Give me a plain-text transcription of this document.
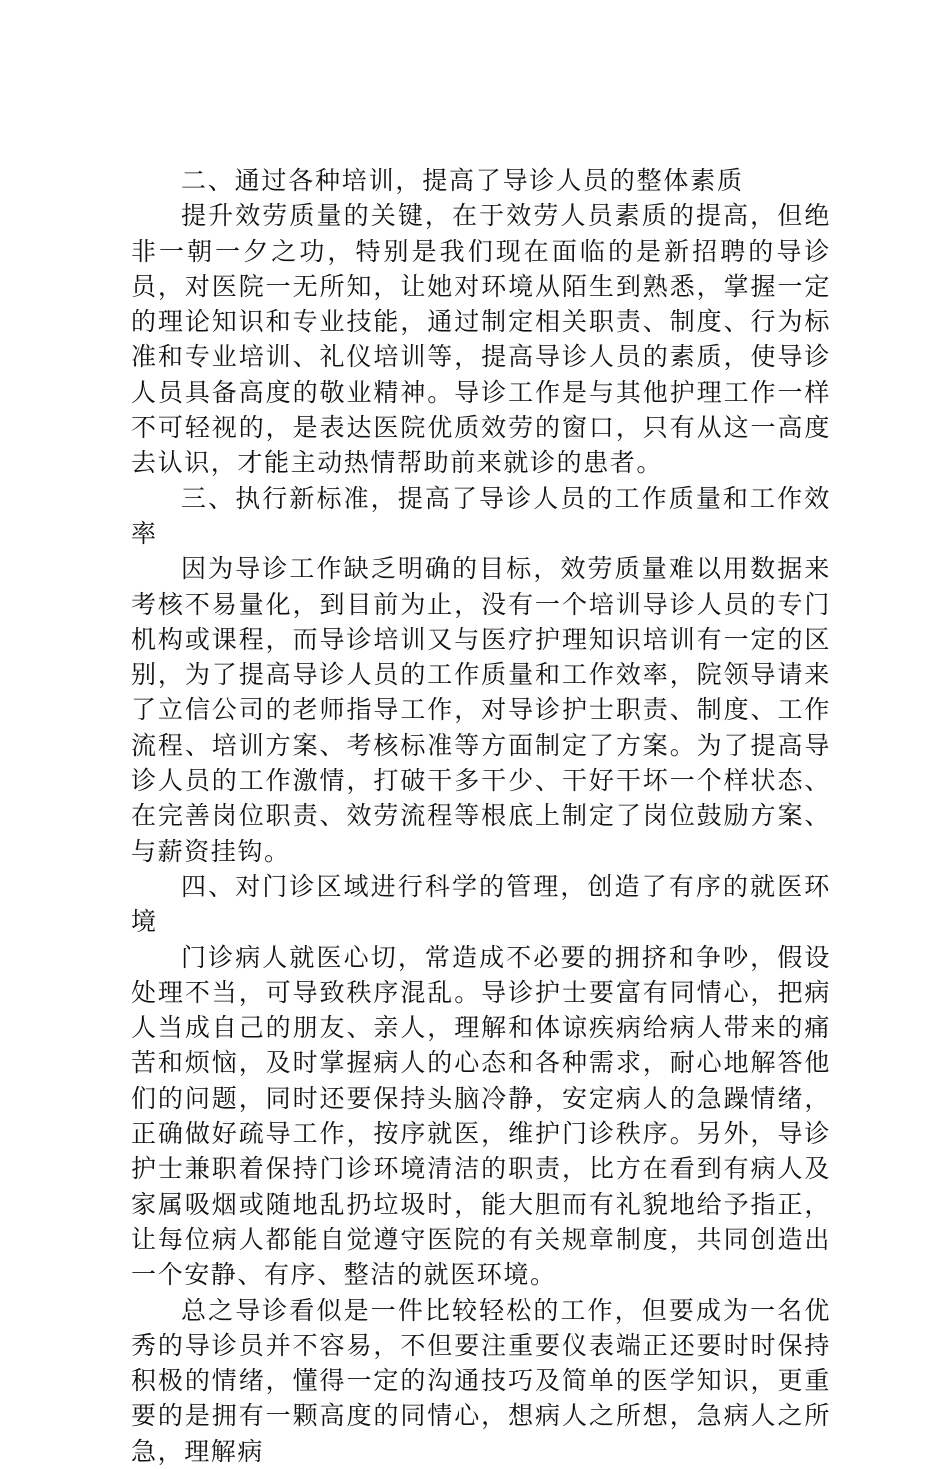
二、通过各种培训，提高了导诊人员的整体素质

提升效劳质量的关键，在于效劳人员素质的提高，但绝非一朝一夕之功，特别是我们现在面临的是新招聘的导诊员，对医院一无所知，让她对环境从陌生到熟悉，掌握一定的理论知识和专业技能，通过制定相关职责、制度、行为标准和专业培训、礼仪培训等，提高导诊人员的素质，使导诊人员具备高度的敬业精神。导诊工作是与其他护理工作一样不可轻视的，是表达医院优质效劳的窗口，只有从这一高度去认识，才能主动热情帮助前来就诊的患者。

三、执行新标准，提高了导诊人员的工作质量和工作效率

因为导诊工作缺乏明确的目标，效劳质量难以用数据来考核不易量化，到目前为止，没有一个培训导诊人员的专门机构或课程，而导诊培训又与医疗护理知识培训有一定的区别，为了提高导诊人员的工作质量和工作效率，院领导请来了立信公司的老师指导工作，对导诊护士职责、制度、工作流程、培训方案、考核标准等方面制定了方案。为了提高导诊人员的工作激情，打破干多干少、干好干坏一个样状态、在完善岗位职责、效劳流程等根底上制定了岗位鼓励方案、与薪资挂钩。

四、对门诊区域进行科学的管理，创造了有序的就医环境

门诊病人就医心切，常造成不必要的拥挤和争吵，假设处理不当，可导致秩序混乱。导诊护士要富有同情心，把病人当成自己的朋友、亲人，理解和体谅疾病给病人带来的痛苦和烦恼，及时掌握病人的心态和各种需求，耐心地解答他们的问题，同时还要保持头脑冷静，安定病人的急躁情绪，正确做好疏导工作，按序就医，维护门诊秩序。另外，导诊护士兼职着保持门诊环境清洁的职责，比方在看到有病人及家属吸烟或随地乱扔垃圾时，能大胆而有礼貌地给予指正，让每位病人都能自觉遵守医院的有关规章制度，共同创造出一个安静、有序、整洁的就医环境。

总之导诊看似是一件比较轻松的工作，但要成为一名优秀的导诊员并不容易，不但要注重要仪表端正还要时时保持积极的情绪，懂得一定的沟通技巧及简单的医学知识，更重要的是拥有一颗高度的同情心，想病人之所想，急病人之所急，理解病
